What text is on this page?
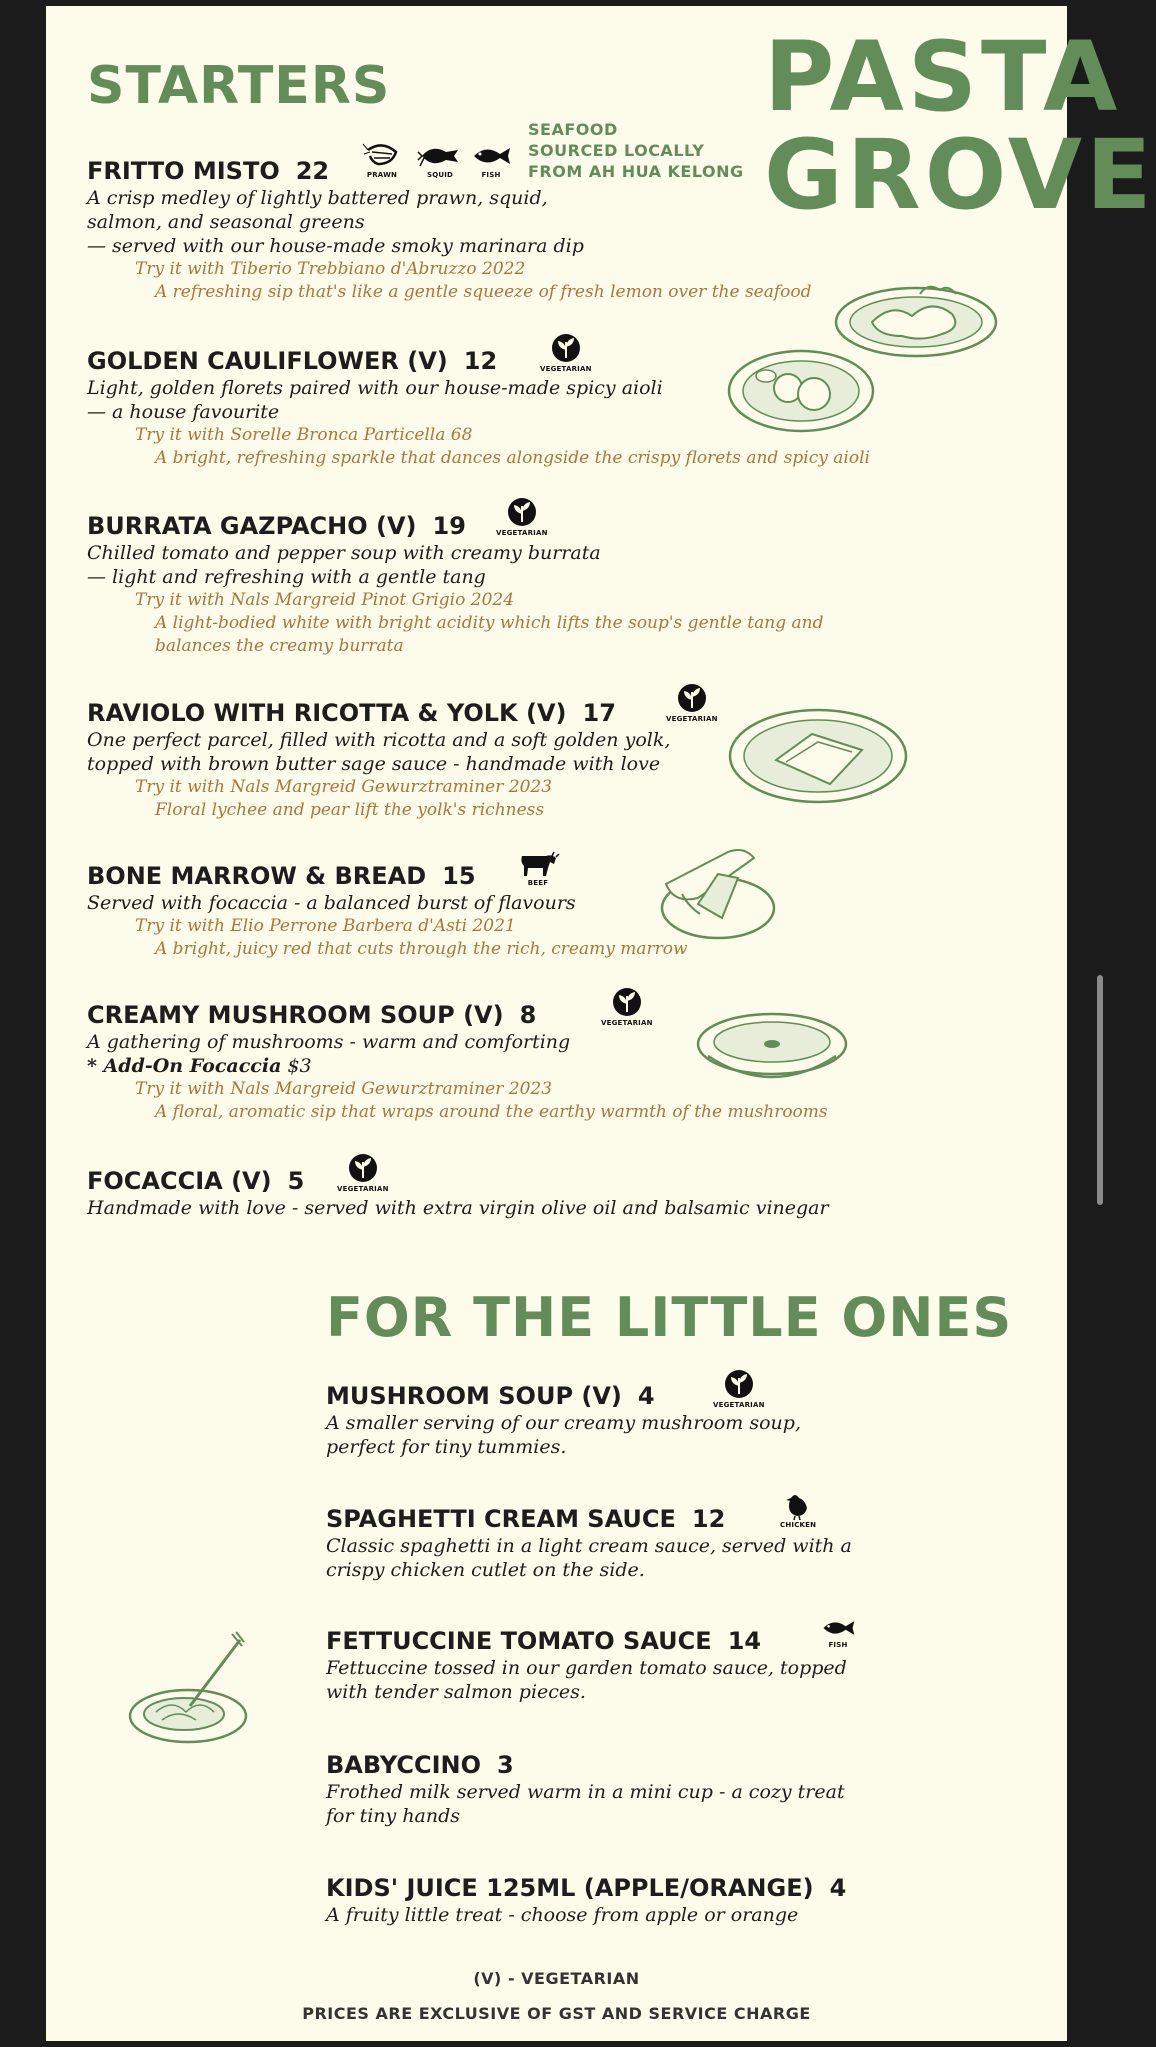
PASTA
GROVE
STARTERS
SEAFOOD
SOURCED LOCALLY
FROM AH HUA KELONG
FRITTO MISTO 22
A crisp medley of lightly battered prawn, squid,
salmon, and seasonal greens
— served with our house-made smoky marinara dip
Try it with Tiberio Trebbiano d'Abruzzo 2022
A refreshing sip that's like a gentle squeeze of fresh lemon over the seafood
PRAWN	SQUID	FISH
GOLDEN CAULIFLOWER (V) 12
Light, golden florets paired with our house-made spicy aioli
— a house favourite
Try it with Sorelle Bronca Particella 68
A bright, refreshing sparkle that dances alongside the crispy florets and spicy aioli
VEGETARIAN
BURRATA GAZPACHO (V) 19
Chilled tomato and pepper soup with creamy burrata
— light and refreshing with a gentle tang
Try it with Nals Margreid Pinot Grigio 2024
A light-bodied white with bright acidity which lifts the soup's gentle tang and
balances the creamy burrata
VEGETARIAN
RAVIOLO WITH RICOTTA & YOLK (V) 17
One perfect parcel, filled with ricotta and a soft golden yolk,
topped with brown butter sage sauce - handmade with love
Try it with Nals Margreid Gewurztraminer 2023
Floral lychee and pear lift the yolk's richness
VEGETARIAN
BONE MARROW & BREAD 15
Served with focaccia - a balanced burst of flavours
Try it with Elio Perrone Barbera d'Asti 2021
A bright, juicy red that cuts through the rich, creamy marrow
BEEF
CREAMY MUSHROOM SOUP (V) 8
A gathering of mushrooms - warm and comforting
* Add-On Focaccia $3
Try it with Nals Margreid Gewurztraminer 2023
A floral, aromatic sip that wraps around the earthy warmth of the mushrooms
VEGETARIAN
FOCACCIA (V) 5
Handmade with love - served with extra virgin olive oil and balsamic vinegar
VEGETARIAN
FOR THE LITTLE ONES
MUSHROOM SOUP (V) 4
A smaller serving of our creamy mushroom soup,
perfect for tiny tummies.
VEGETARIAN
SPAGHETTI CREAM SAUCE 12
Classic spaghetti in a light cream sauce, served with a
crispy chicken cutlet on the side.
CHICKEN
FETTUCCINE TOMATO SAUCE 14
Fettuccine tossed in our garden tomato sauce, topped
with tender salmon pieces.
FISH
BABYCCINO 3
Frothed milk served warm in a mini cup - a cozy treat
for tiny hands
KIDS' JUICE 125ML (APPLE/ORANGE) 4
A fruity little treat - choose from apple or orange
(V) - VEGETARIAN
PRICES ARE EXCLUSIVE OF GST AND SERVICE CHARGE
